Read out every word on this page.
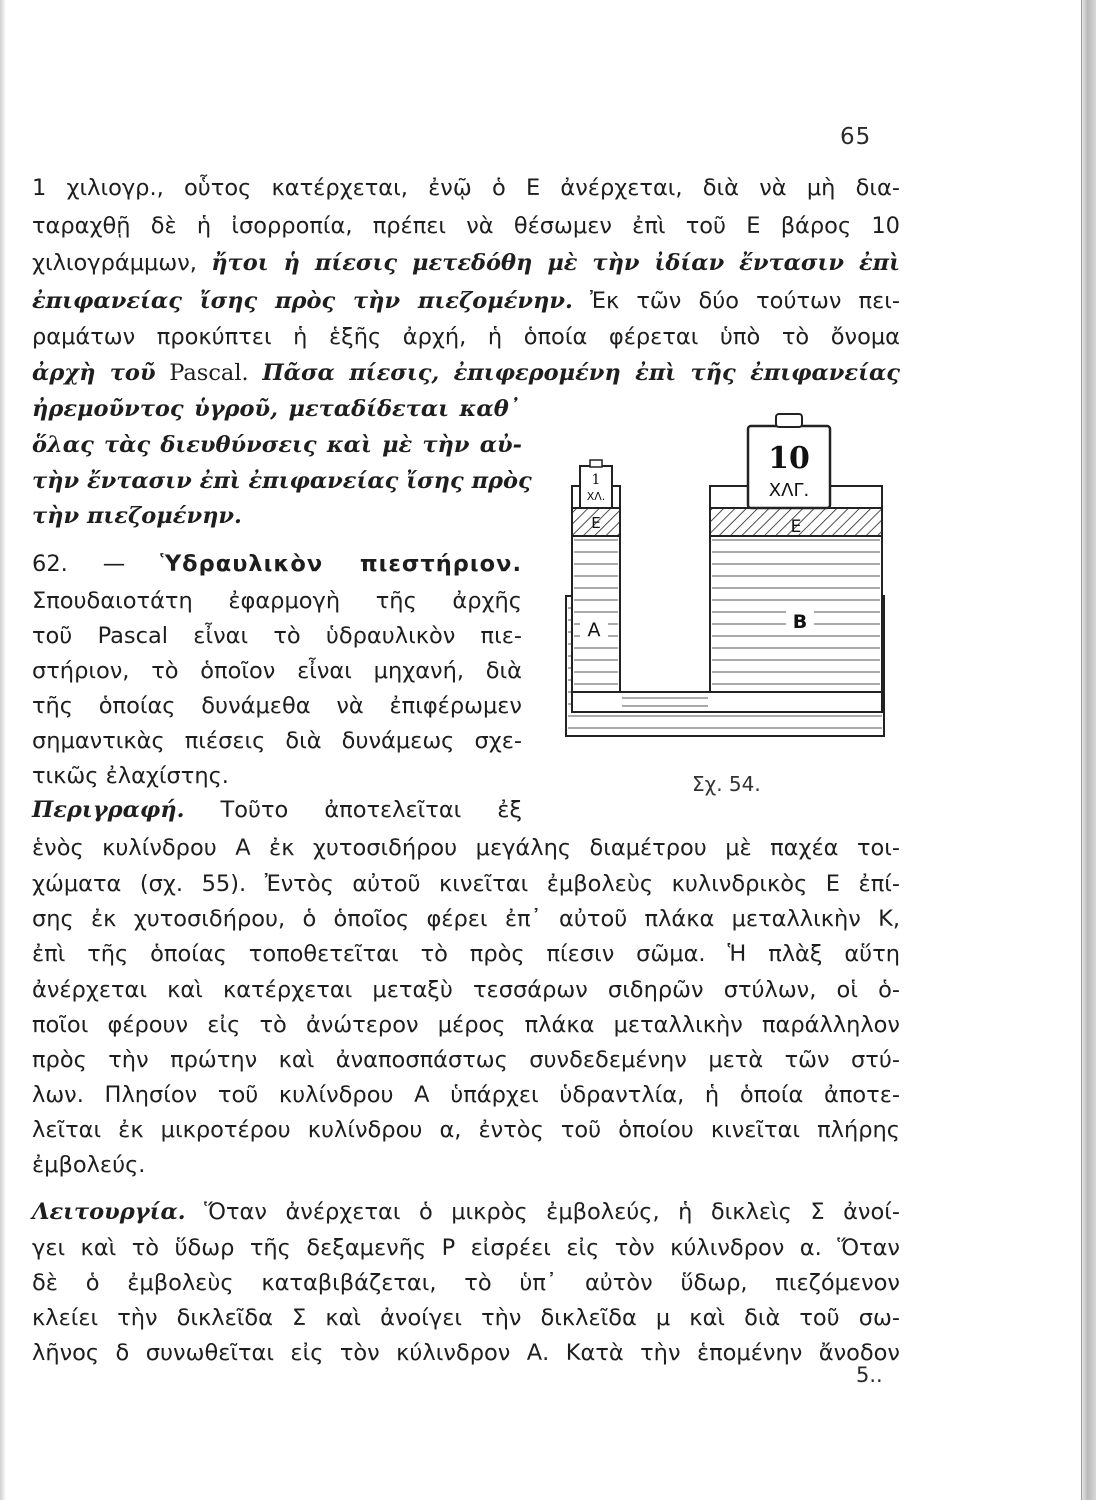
65

1 χιλιογρ., οὗτος κατέρχεται, ἐνῷ ὁ Ε ἀνέρχεται, διὰ νὰ μὴ δια-

ταραχθῇ δὲ ἡ ἰσορροπία, πρέπει νὰ θέσωμεν ἐπὶ τοῦ Ε βάρος 10

χιλιογράμμων, ἤτοι ἡ πίεσις μετεδόθη μὲ τὴν ἰδίαν ἔντασιν ἐπὶ

ἐπιφανείας ἴσης πρὸς τὴν πιεζομένην. Ἐκ τῶν δύο τούτων πει-

ραμάτων προκύπτει ἡ ἑξῆς ἀρχή, ἡ ὁποία φέρεται ὑπὸ τὸ ὄνομα

ἀρχὴ τοῦ Pascal. Πᾶσα πίεσις, ἐπιφερομένη ἐπὶ τῆς ἐπιφανείας

ἠρεμοῦντος ὑγροῦ, μεταδίδεται καθ᾽

ὅλας τὰς διευθύνσεις καὶ μὲ τὴν αὐ-

τὴν ἔντασιν ἐπὶ ἐπιφανείας ἴσης πρὸς

τὴν πιεζομένην.

62. — Ὑδραυλικὸν πιεστήριον.

Σπουδαιοτάτη ἐφαρμογὴ τῆς ἀρχῆς

τοῦ Pascal εἶναι τὸ ὑδραυλικὸν πιε-

στήριον, τὸ ὁποῖον εἶναι μηχανή, διὰ

τῆς ὁποίας δυνάμεθα νὰ ἐπιφέρωμεν

σημαντικὰς πιέσεις διὰ δυνάμεως σχε-

τικῶς ἐλαχίστης.

Περιγραφή. Τοῦτο ἀποτελεῖται ἐξ

ἑνὸς κυλίνδρου Α ἐκ χυτοσιδήρου μεγάλης διαμέτρου μὲ παχέα τοι-

χώματα (σχ. 55). Ἐντὸς αὐτοῦ κινεῖται ἐμβολεὺς κυλινδρικὸς Ε ἐπί-

σης ἐκ χυτοσιδήρου, ὁ ὁποῖος φέρει ἐπ᾽ αὐτοῦ πλάκα μεταλλικὴν Κ,

ἐπὶ τῆς ὁποίας τοποθετεῖται τὸ πρὸς πίεσιν σῶμα. Ἡ πλὰξ αὕτη

ἀνέρχεται καὶ κατέρχεται μεταξὺ τεσσάρων σιδηρῶν στύλων, οἱ ὁ-

ποῖοι φέρουν εἰς τὸ ἀνώτερον μέρος πλάκα μεταλλικὴν παράλληλον

πρὸς τὴν πρώτην καὶ ἀναποσπάστως συνδεδεμένην μετὰ τῶν στύ-

λων. Πλησίον τοῦ κυλίνδρου Α ὑπάρχει ὑδραντλία, ἡ ὁποία ἀποτε-

λεῖται ἐκ μικροτέρου κυλίνδρου α, ἐντὸς τοῦ ὁποίου κινεῖται πλήρης

ἐμβολεύς.

Λειτουργία. Ὅταν ἀνέρχεται ὁ μικρὸς ἐμβολεύς, ἡ δικλεὶς Σ ἀνοί-

γει καὶ τὸ ὕδωρ τῆς δεξαμενῆς Ρ εἰσρέει εἰς τὸν κύλινδρον α. Ὅταν

δὲ ὁ ἐμβολεὺς καταβιβάζεται, τὸ ὑπ᾽ αὐτὸν ὕδωρ, πιεζόμενον

κλείει τὴν δικλεῖδα Σ καὶ ἀνοίγει τὴν δικλεῖδα μ καὶ διὰ τοῦ σω-

λῆνος δ συνωθεῖται εἰς τὸν κύλινδρον Α. Κατὰ τὴν ἑπομένην ἄνοδον

5..
1
ΧΛ.
10
ΧΛΓ.
Ε	Ε
Α	Β
Σχ. 54.
